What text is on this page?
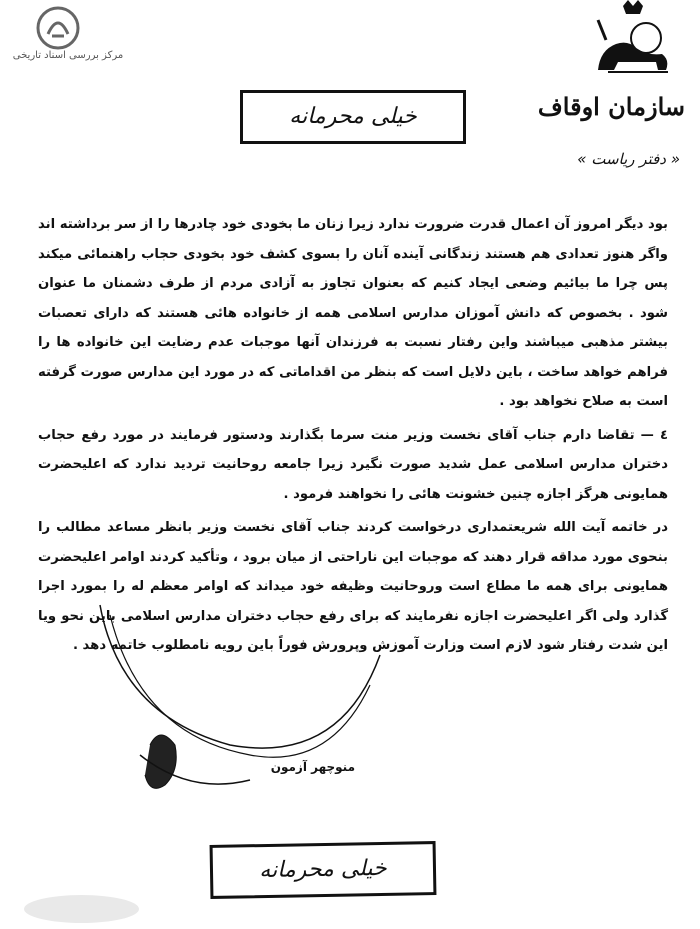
مرکز بررسی اسناد تاریخی
سازمان اوقاف
« دفتر ریاست »
خیلی محرمانه

بود دیگر امروز آن اعمال قدرت ضرورت ندارد زیرا زنان ما بخودی خود چادرها را از سر برداشته اند واگر هنوز تعدادی هم هستند زندگانی آینده آنان را بسوی کشف خود بخودی حجاب راهنمائی میکند پس چرا ما بیائیم وضعی ایجاد کنیم که بعنوان تجاوز به آزادی مردم از طرف دشمنان ما عنوان شود . بخصوص که دانش آموزان مدارس اسلامی همه از خانواده هائی هستند که دارای تعصبات بیشتر مذهبی میباشند واین رفتار نسبت به فرزندان آنها موجبات عدم رضایت این خانواده ها را فراهم خواهد ساخت ، باین دلایل است که بنظر من اقداماتی که در مورد این مدارس صورت گرفته است به صلاح نخواهد بود .

٤ — تقاضا دارم جناب آقای نخست وزیر منت سرما بگذارند ودستور فرمایند در مورد رفع حجاب دختران مدارس اسلامی عمل شدید صورت نگیرد زیرا جامعه روحانیت تردید ندارد که اعلیحضرت همایونی هرگز اجازه چنین خشونت هائی را نخواهند فرمود .

در خاتمه آیت الله شریعتمداری درخواست کردند جناب آقای نخست وزیر بانظر مساعد مطالب را بنحوی مورد مداقه قرار دهند که موجبات این ناراحتی از میان برود ، وتأکید کردند اوامر اعلیحضرت همایونی برای همه ما مطاع است وروحانیت وظیفه خود میداند که اوامر معظم له را بمورد اجرا گذارد ولی اگر اعلیحضرت اجازه نفرمایند که برای رفع حجاب دختران مدارس اسلامی باین نحو ویا این شدت رفتار شود لازم است وزارت آموزش وپرورش فوراً باین رویه نامطلوب خاتمه دهد .

منوچهر آزمون
خیلی محرمانه
